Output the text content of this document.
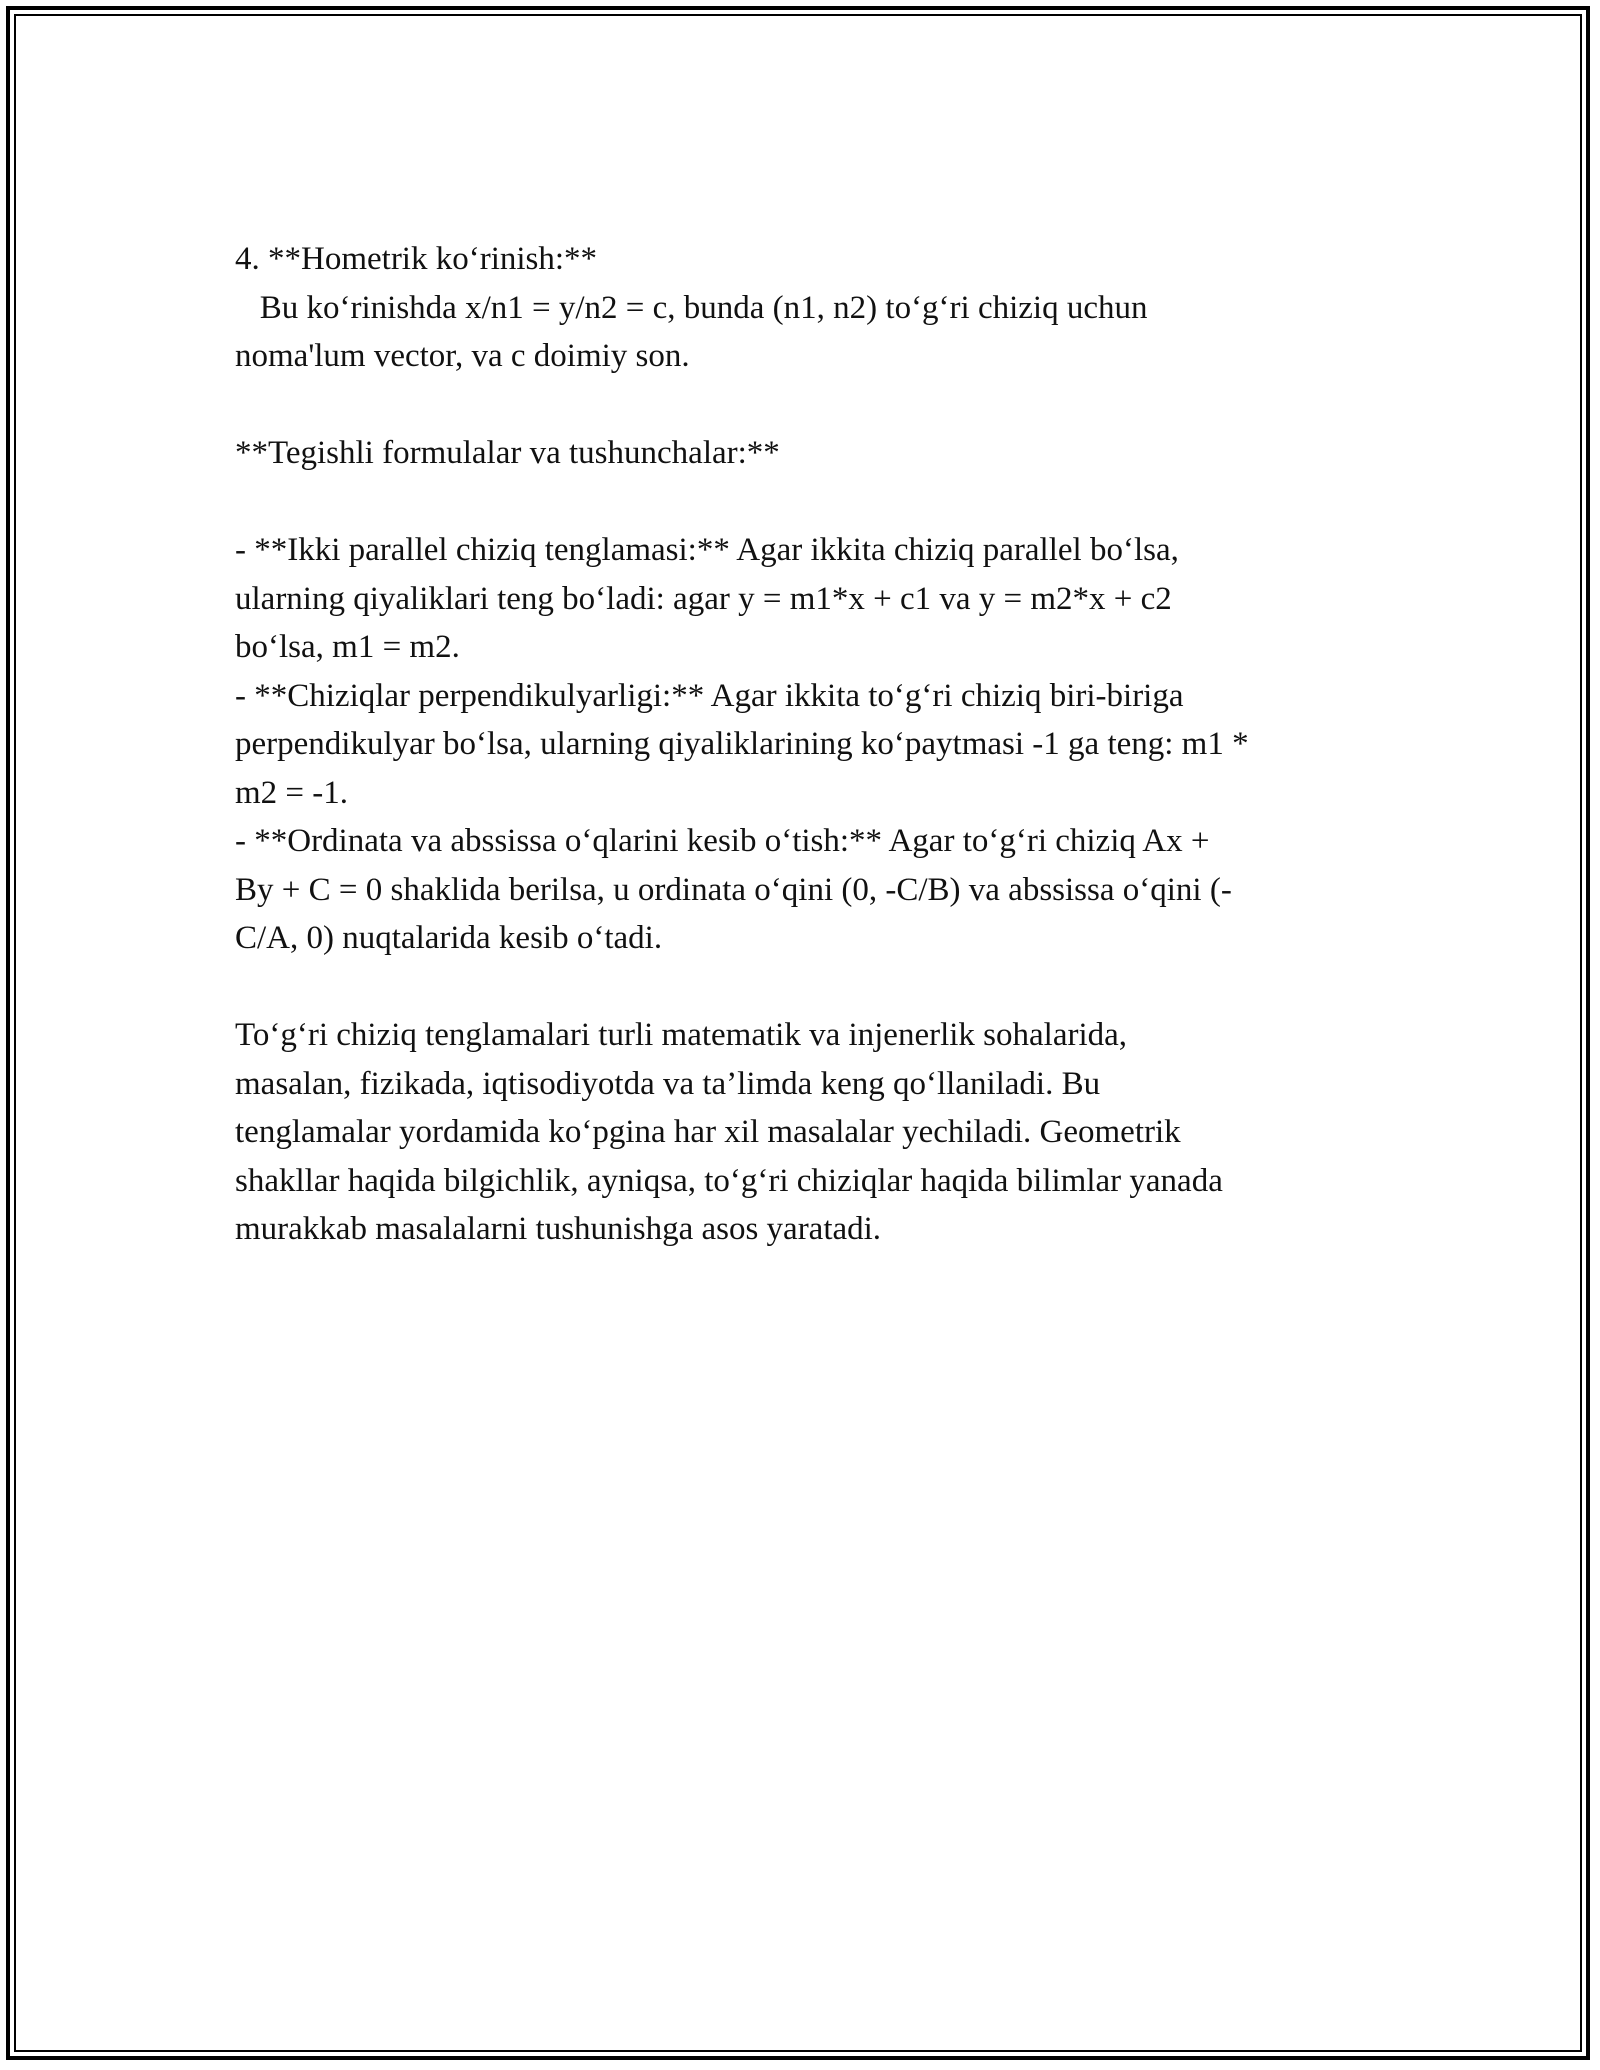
4. **Hometrik ko‘rinish:**

Bu ko‘rinishda x/n1 = y/n2 = c, bunda (n1, n2) to‘g‘ri chiziq uchun

noma'lum vector, va c doimiy son.

**Tegishli formulalar va tushunchalar:**

- **Ikki parallel chiziq tenglamasi:** Agar ikkita chiziq parallel bo‘lsa,

ularning qiyaliklari teng bo‘ladi: agar y = m1*x + c1 va y = m2*x + c2

bo‘lsa, m1 = m2.

- **Chiziqlar perpendikulyarligi:** Agar ikkita to‘g‘ri chiziq biri-biriga

perpendikulyar bo‘lsa, ularning qiyaliklarining ko‘paytmasi -1 ga teng: m1 *

m2 = -1.

- **Ordinata va abssissa o‘qlarini kesib o‘tish:** Agar to‘g‘ri chiziq Ax +

By + C = 0 shaklida berilsa, u ordinata o‘qini (0, -C/B) va abssissa o‘qini (-

C/A, 0) nuqtalarida kesib o‘tadi.

To‘g‘ri chiziq tenglamalari turli matematik va injenerlik sohalarida,

masalan, fizikada, iqtisodiyotda va ta’limda keng qo‘llaniladi. Bu

tenglamalar yordamida ko‘pgina har xil masalalar yechiladi. Geometrik

shakllar haqida bilgichlik, ayniqsa, to‘g‘ri chiziqlar haqida bilimlar yanada

murakkab masalalarni tushunishga asos yaratadi.
